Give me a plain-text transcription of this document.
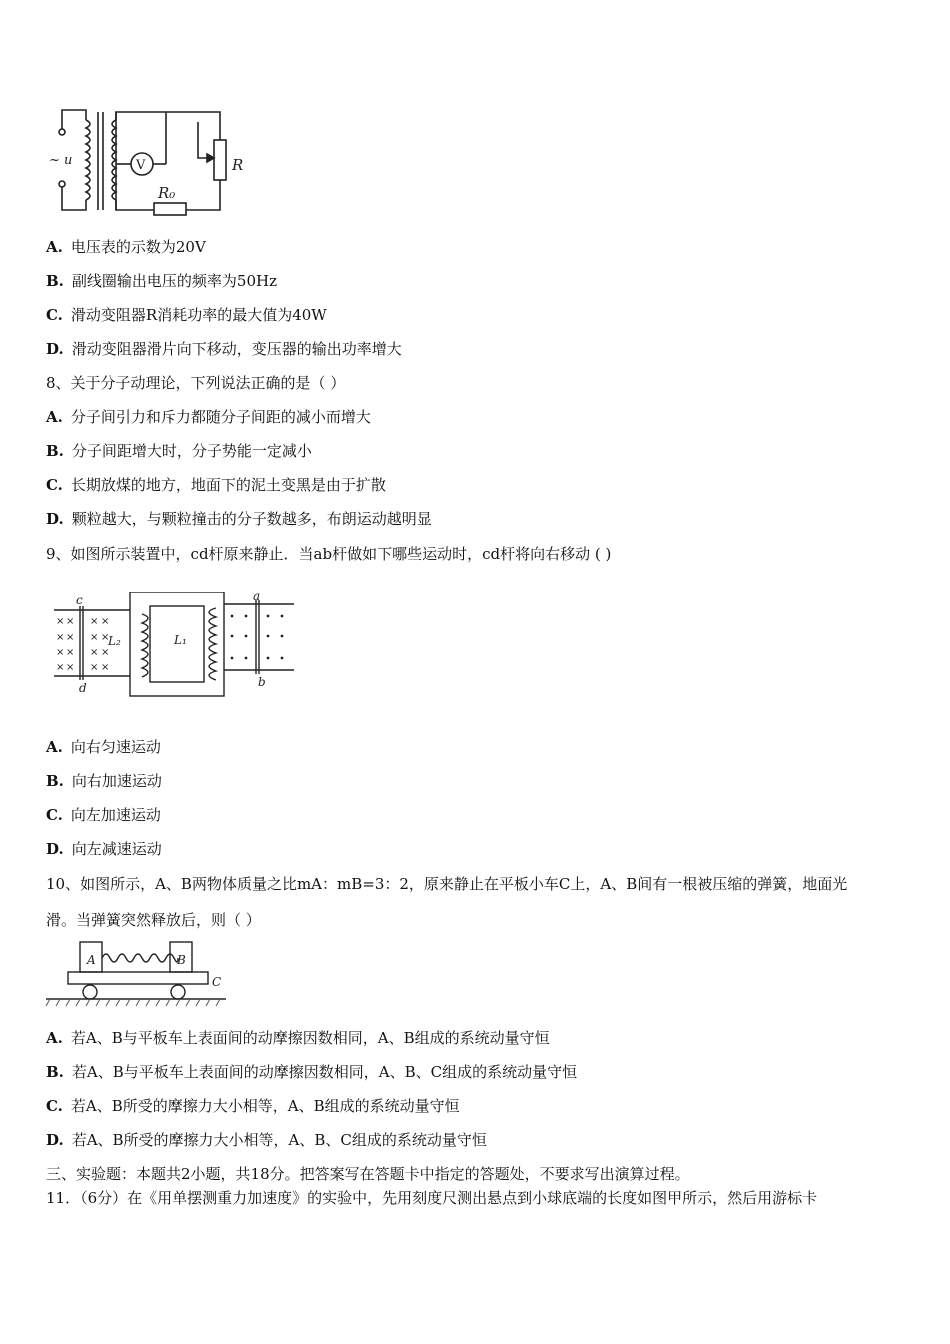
~ u	V	R
R₀
A. 电压表的示数为20V
B. 副线圈输出电压的频率为50Hz
C. 滑动变阻器R消耗功率的最大值为40W
D. 滑动变阻器滑片向下移动，变压器的输出功率增大
8、关于分子动理论，下列说法正确的是（ ）
A. 分子间引力和斥力都随分子间距的减小而增大
B. 分子间距增大时，分子势能一定减小
C. 长期放煤的地方，地面下的泥土变黑是由于扩散
D. 颗粒越大，与颗粒撞击的分子数越多，布朗运动越明显
9、如图所示装置中，cd杆原来静止．当ab杆做如下哪些运动时，cd杆将向右移动 ( )
× × × ×
× × × ×
× × × ×
× × × ×
c
d
a
b
L₂	L₁
A. 向右匀速运动
B. 向右加速运动
C. 向左加速运动
D. 向左减速运动
10、如图所示，A、B两物体质量之比mA：mB=3：2，原来静止在平板小车C上，A、B间有一根被压缩的弹簧，地面光
滑。当弹簧突然释放后，则（ ）
A	B
C
A. 若A、B与平板车上表面间的动摩擦因数相同，A、B组成的系统动量守恒
B. 若A、B与平板车上表面间的动摩擦因数相同，A、B、C组成的系统动量守恒
C. 若A、B所受的摩擦力大小相等，A、B组成的系统动量守恒
D. 若A、B所受的摩擦力大小相等，A、B、C组成的系统动量守恒
三、实验题：本题共2小题，共18分。把答案写在答题卡中指定的答题处，不要求写出演算过程。
11．（6分）在《用单摆测重力加速度》的实验中，先用刻度尺测出悬点到小球底端的长度如图甲所示，然后用游标卡
